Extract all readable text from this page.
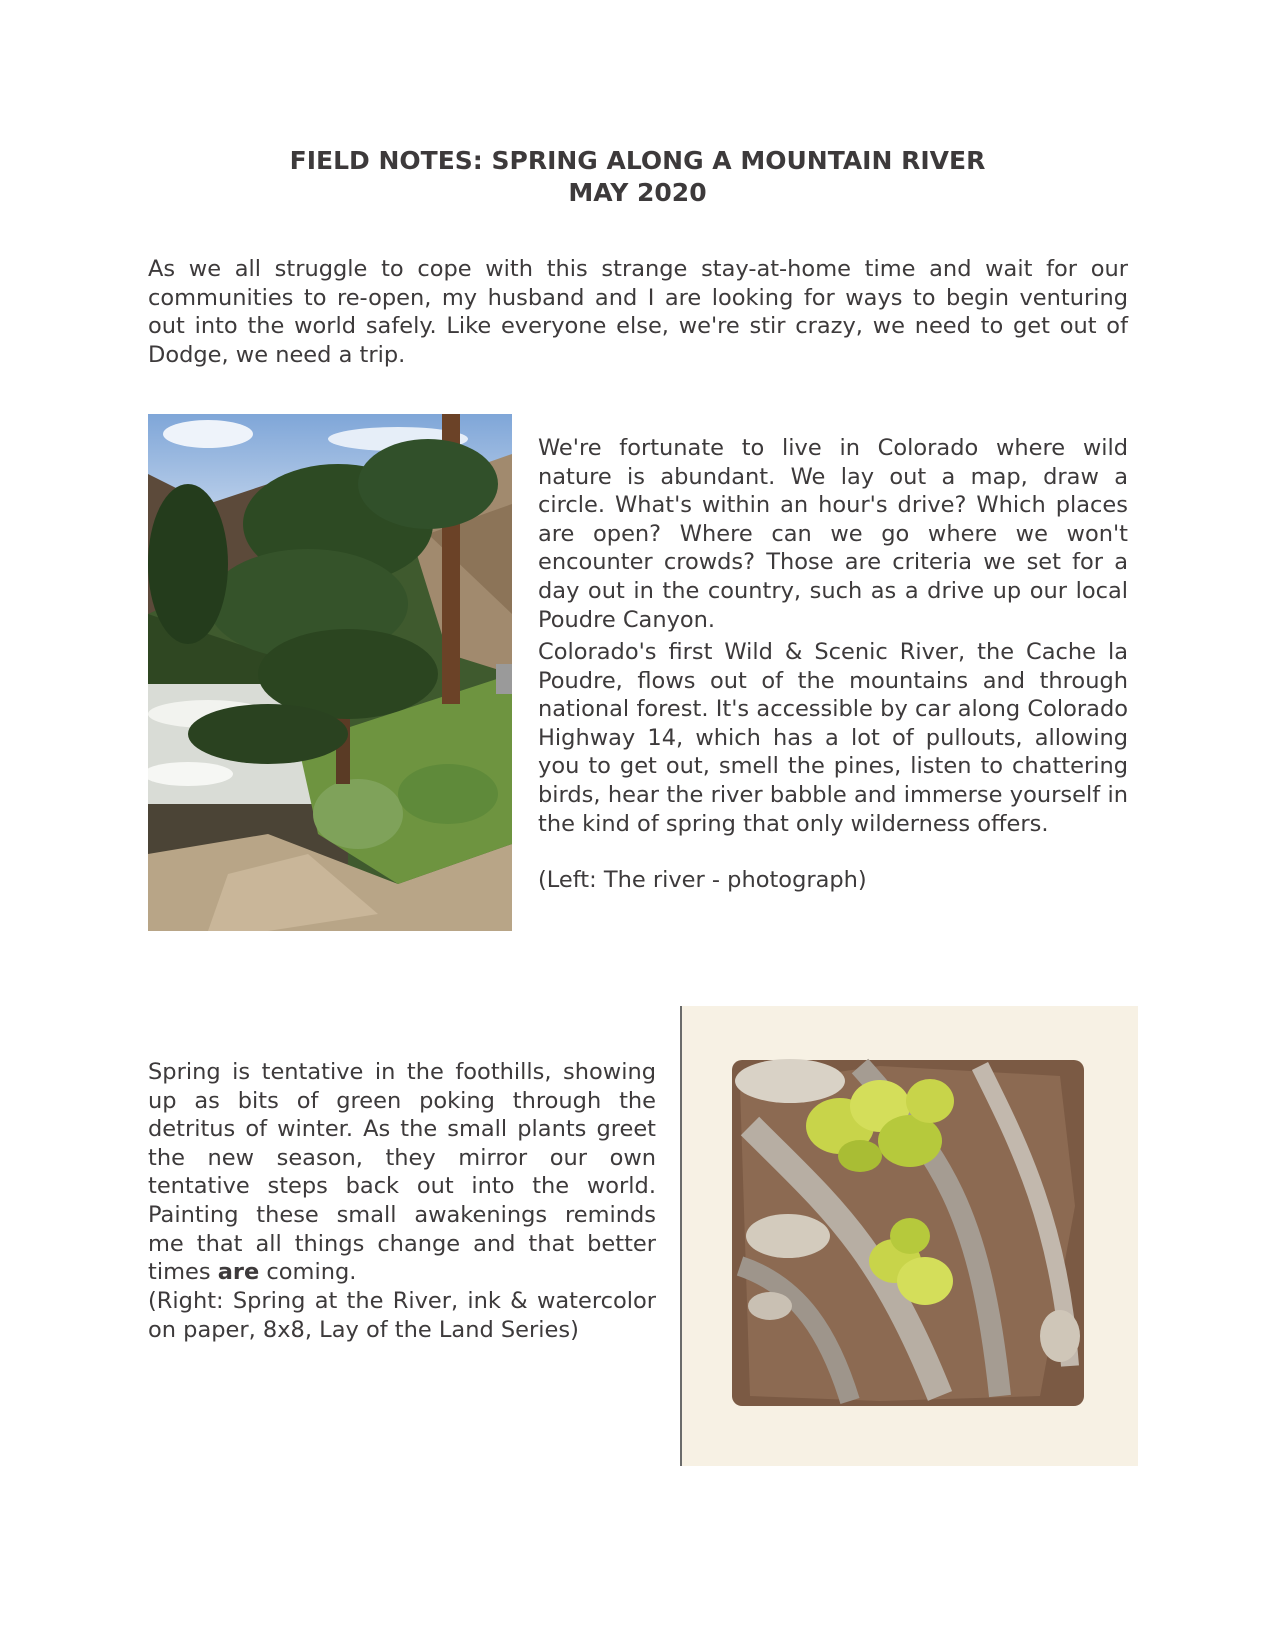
FIELD NOTES: SPRING ALONG A MOUNTAIN RIVER
MAY 2020

As we all struggle to cope with this strange stay-at-home time and wait for our communities to re-open, my husband and I are looking for ways to begin venturing out into the world safely. Like everyone else, we're stir crazy, we need to get out of Dodge, we need a trip.

We're fortunate to live in Colorado where wild nature is abundant. We lay out a map, draw a circle. What's within an hour's drive? Which places are open? Where can we go where we won't encounter crowds? Those are criteria we set for a day out in the country, such as a drive up our local Poudre Canyon.

Colorado's first Wild & Scenic River, the Cache la Poudre, flows out of the mountains and through national forest. It's accessible by car along Colorado Highway 14, which has a lot of pullouts, allowing you to get out, smell the pines, listen to chattering birds, hear the river babble and immerse yourself in the kind of spring that only wilderness offers.

(Left: The river - photograph)

Spring is tentative in the foothills, showing up as bits of green poking through the detritus of winter. As the small plants greet the new season, they mirror our own tentative steps back out into the world. Painting these small awakenings reminds me that all things change and that better times are coming.

(Right: Spring at the River, ink & watercolor on paper, 8x8, Lay of the Land Series)
